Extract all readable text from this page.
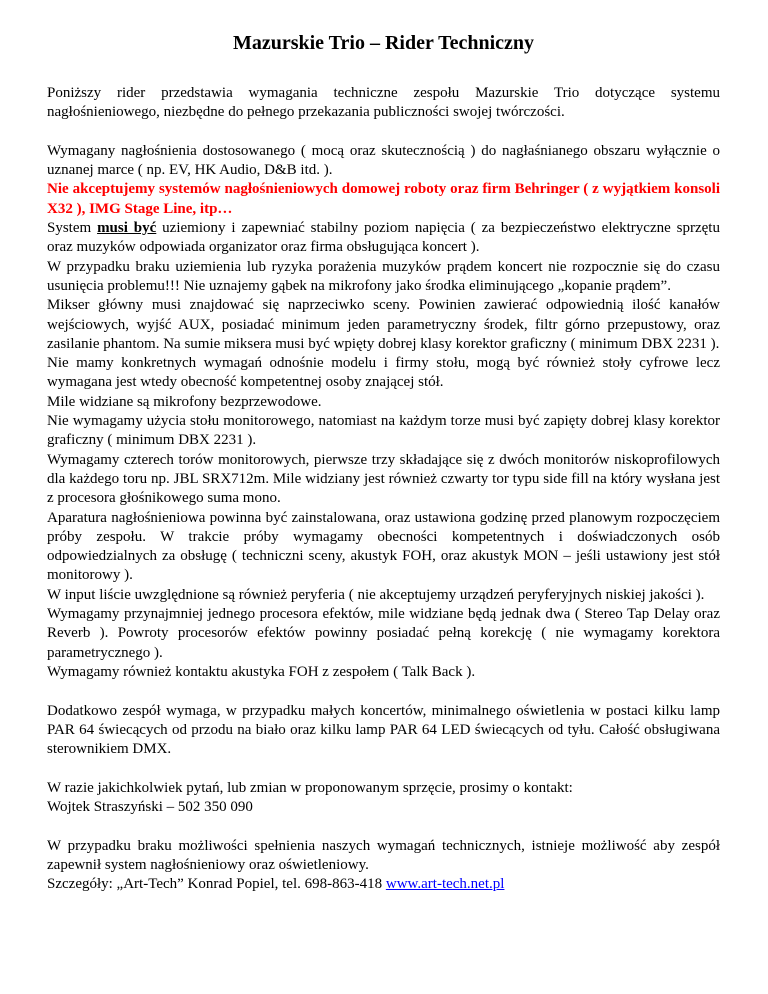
Mazurskie Trio – Rider Techniczny

Poniższy rider przedstawia wymagania techniczne zespołu Mazurskie Trio dotyczące systemu nagłośnieniowego, niezbędne do pełnego przekazania publiczności swojej twórczości.

Wymagany nagłośnienia dostosowanego ( mocą oraz skutecznością ) do nagłaśnianego obszaru wyłącznie o uznanej marce ( np. EV, HK Audio, D&B itd. ).
Nie akceptujemy systemów nagłośnieniowych domowej roboty oraz firm Behringer ( z wyjątkiem konsoli X32 ), IMG Stage Line, itp…
System musi być uziemiony i zapewniać stabilny poziom napięcia ( za bezpieczeństwo elektryczne sprzętu oraz muzyków odpowiada organizator oraz firma obsługująca koncert ).
W przypadku braku uziemienia lub ryzyka porażenia muzyków prądem koncert nie rozpocznie się do czasu usunięcia problemu!!! Nie uznajemy gąbek na mikrofony jako środka eliminującego „kopanie prądem”.
Mikser główny musi znajdować się naprzeciwko sceny. Powinien zawierać odpowiednią ilość kanałów wejściowych, wyjść AUX, posiadać minimum jeden parametryczny środek, filtr górno przepustowy, oraz zasilanie phantom. Na sumie miksera musi być wpięty dobrej klasy korektor graficzny ( minimum DBX 2231 ).
Nie mamy konkretnych wymagań odnośnie modelu i firmy stołu, mogą być również stoły cyfrowe lecz wymagana jest wtedy obecność kompetentnej osoby znającej stół.
Mile widziane są mikrofony bezprzewodowe.
Nie wymagamy użycia stołu monitorowego, natomiast na każdym torze musi być zapięty dobrej klasy korektor graficzny ( minimum DBX 2231 ).
Wymagamy czterech torów monitorowych, pierwsze trzy składające się z dwóch monitorów niskoprofilowych dla każdego toru np. JBL SRX712m. Mile widziany jest również czwarty tor typu side fill na który wysłana jest z procesora głośnikowego suma mono.
Aparatura nagłośnieniowa powinna być zainstalowana, oraz ustawiona godzinę przed planowym rozpoczęciem próby zespołu. W trakcie próby wymagamy obecności kompetentnych i doświadczonych osób odpowiedzialnych za obsługę ( techniczni sceny, akustyk FOH, oraz akustyk MON – jeśli ustawiony jest stół monitorowy ).
W input liście uwzględnione są również peryferia ( nie akceptujemy urządzeń peryferyjnych niskiej jakości ).
Wymagamy przynajmniej jednego procesora efektów, mile widziane będą jednak dwa ( Stereo Tap Delay oraz Reverb ). Powroty procesorów efektów powinny posiadać pełną korekcję ( nie wymagamy korektora parametrycznego ).
Wymagamy również kontaktu akustyka FOH z zespołem ( Talk Back ).

Dodatkowo zespół wymaga, w przypadku małych koncertów, minimalnego oświetlenia w postaci kilku lamp PAR 64 świecących od przodu na biało oraz kilku lamp PAR 64 LED świecących od tyłu. Całość obsługiwana sterownikiem DMX.

W razie jakichkolwiek pytań, lub zmian w proponowanym sprzęcie, prosimy o kontakt:
Wojtek Straszyński – 502 350 090
W przypadku braku możliwości spełnienia naszych wymagań technicznych, istnieje możliwość aby zespół zapewnił system nagłośnieniowy oraz oświetleniowy.
Szczegóły: „Art-Tech” Konrad Popiel, tel. 698-863-418 www.art-tech.net.pl
